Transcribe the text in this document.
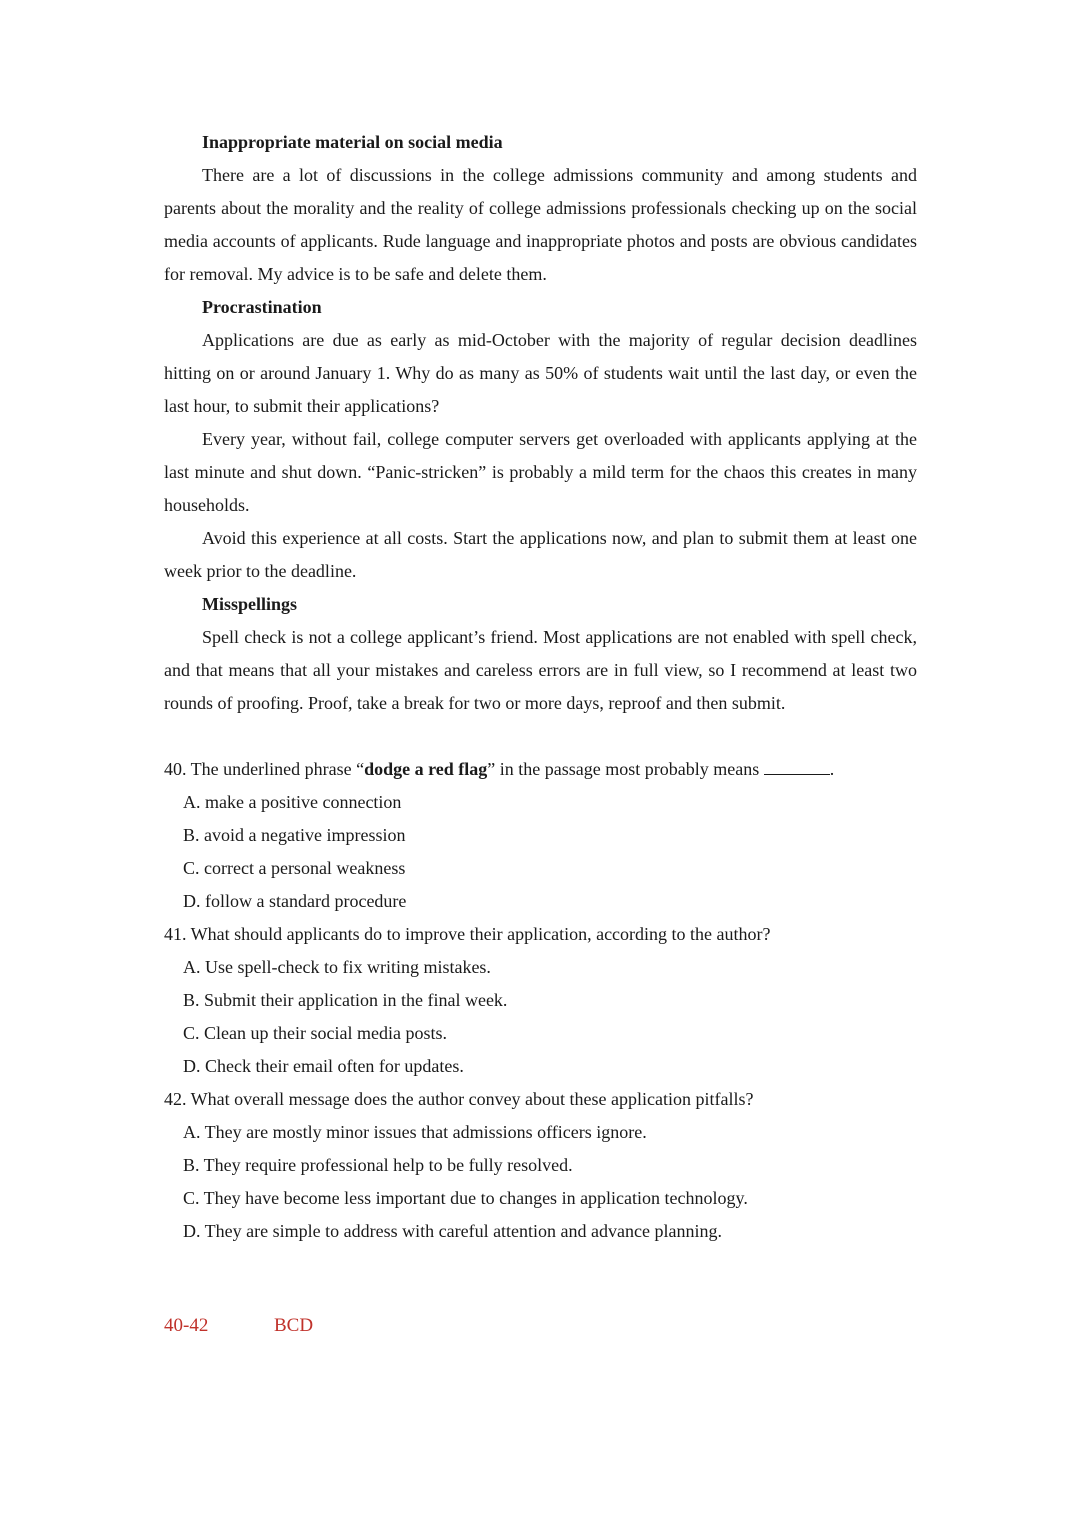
Inappropriate material on social media

There are a lot of discussions in the college admissions community and among students and parents about the morality and the reality of college admissions professionals checking up on the social media accounts of applicants. Rude language and inappropriate photos and posts are obvious candidates for removal. My advice is to be safe and delete them.

Procrastination

Applications are due as early as mid-October with the majority of regular decision deadlines hitting on or around January 1. Why do as many as 50% of students wait until the last day, or even the last hour, to submit their applications?

Every year, without fail, college computer servers get overloaded with applicants applying at the last minute and shut down. “Panic-stricken” is probably a mild term for the chaos this creates in many households.

Avoid this experience at all costs. Start the applications now, and plan to submit them at least one week prior to the deadline.

Misspellings

Spell check is not a college applicant’s friend. Most applications are not enabled with spell check, and that means that all your mistakes and careless errors are in full view, so I recommend at least two rounds of proofing. Proof, take a break for two or more days, reproof and then submit.

40. The underlined phrase “dodge a red flag” in the passage most probably means	.

A. make a positive connection

B. avoid a negative impression

C. correct a personal weakness

D. follow a standard procedure

41. What should applicants do to improve their application, according to the author?

A. Use spell-check to fix writing mistakes.

B. Submit their application in the final week.

C. Clean up their social media posts.

D. Check their email often for updates.

42. What overall message does the author convey about these application pitfalls?

A. They are mostly minor issues that admissions officers ignore.

B. They require professional help to be fully resolved.

C. They have become less important due to changes in application technology.

D. They are simple to address with careful attention and advance planning.

40-42	BCD
